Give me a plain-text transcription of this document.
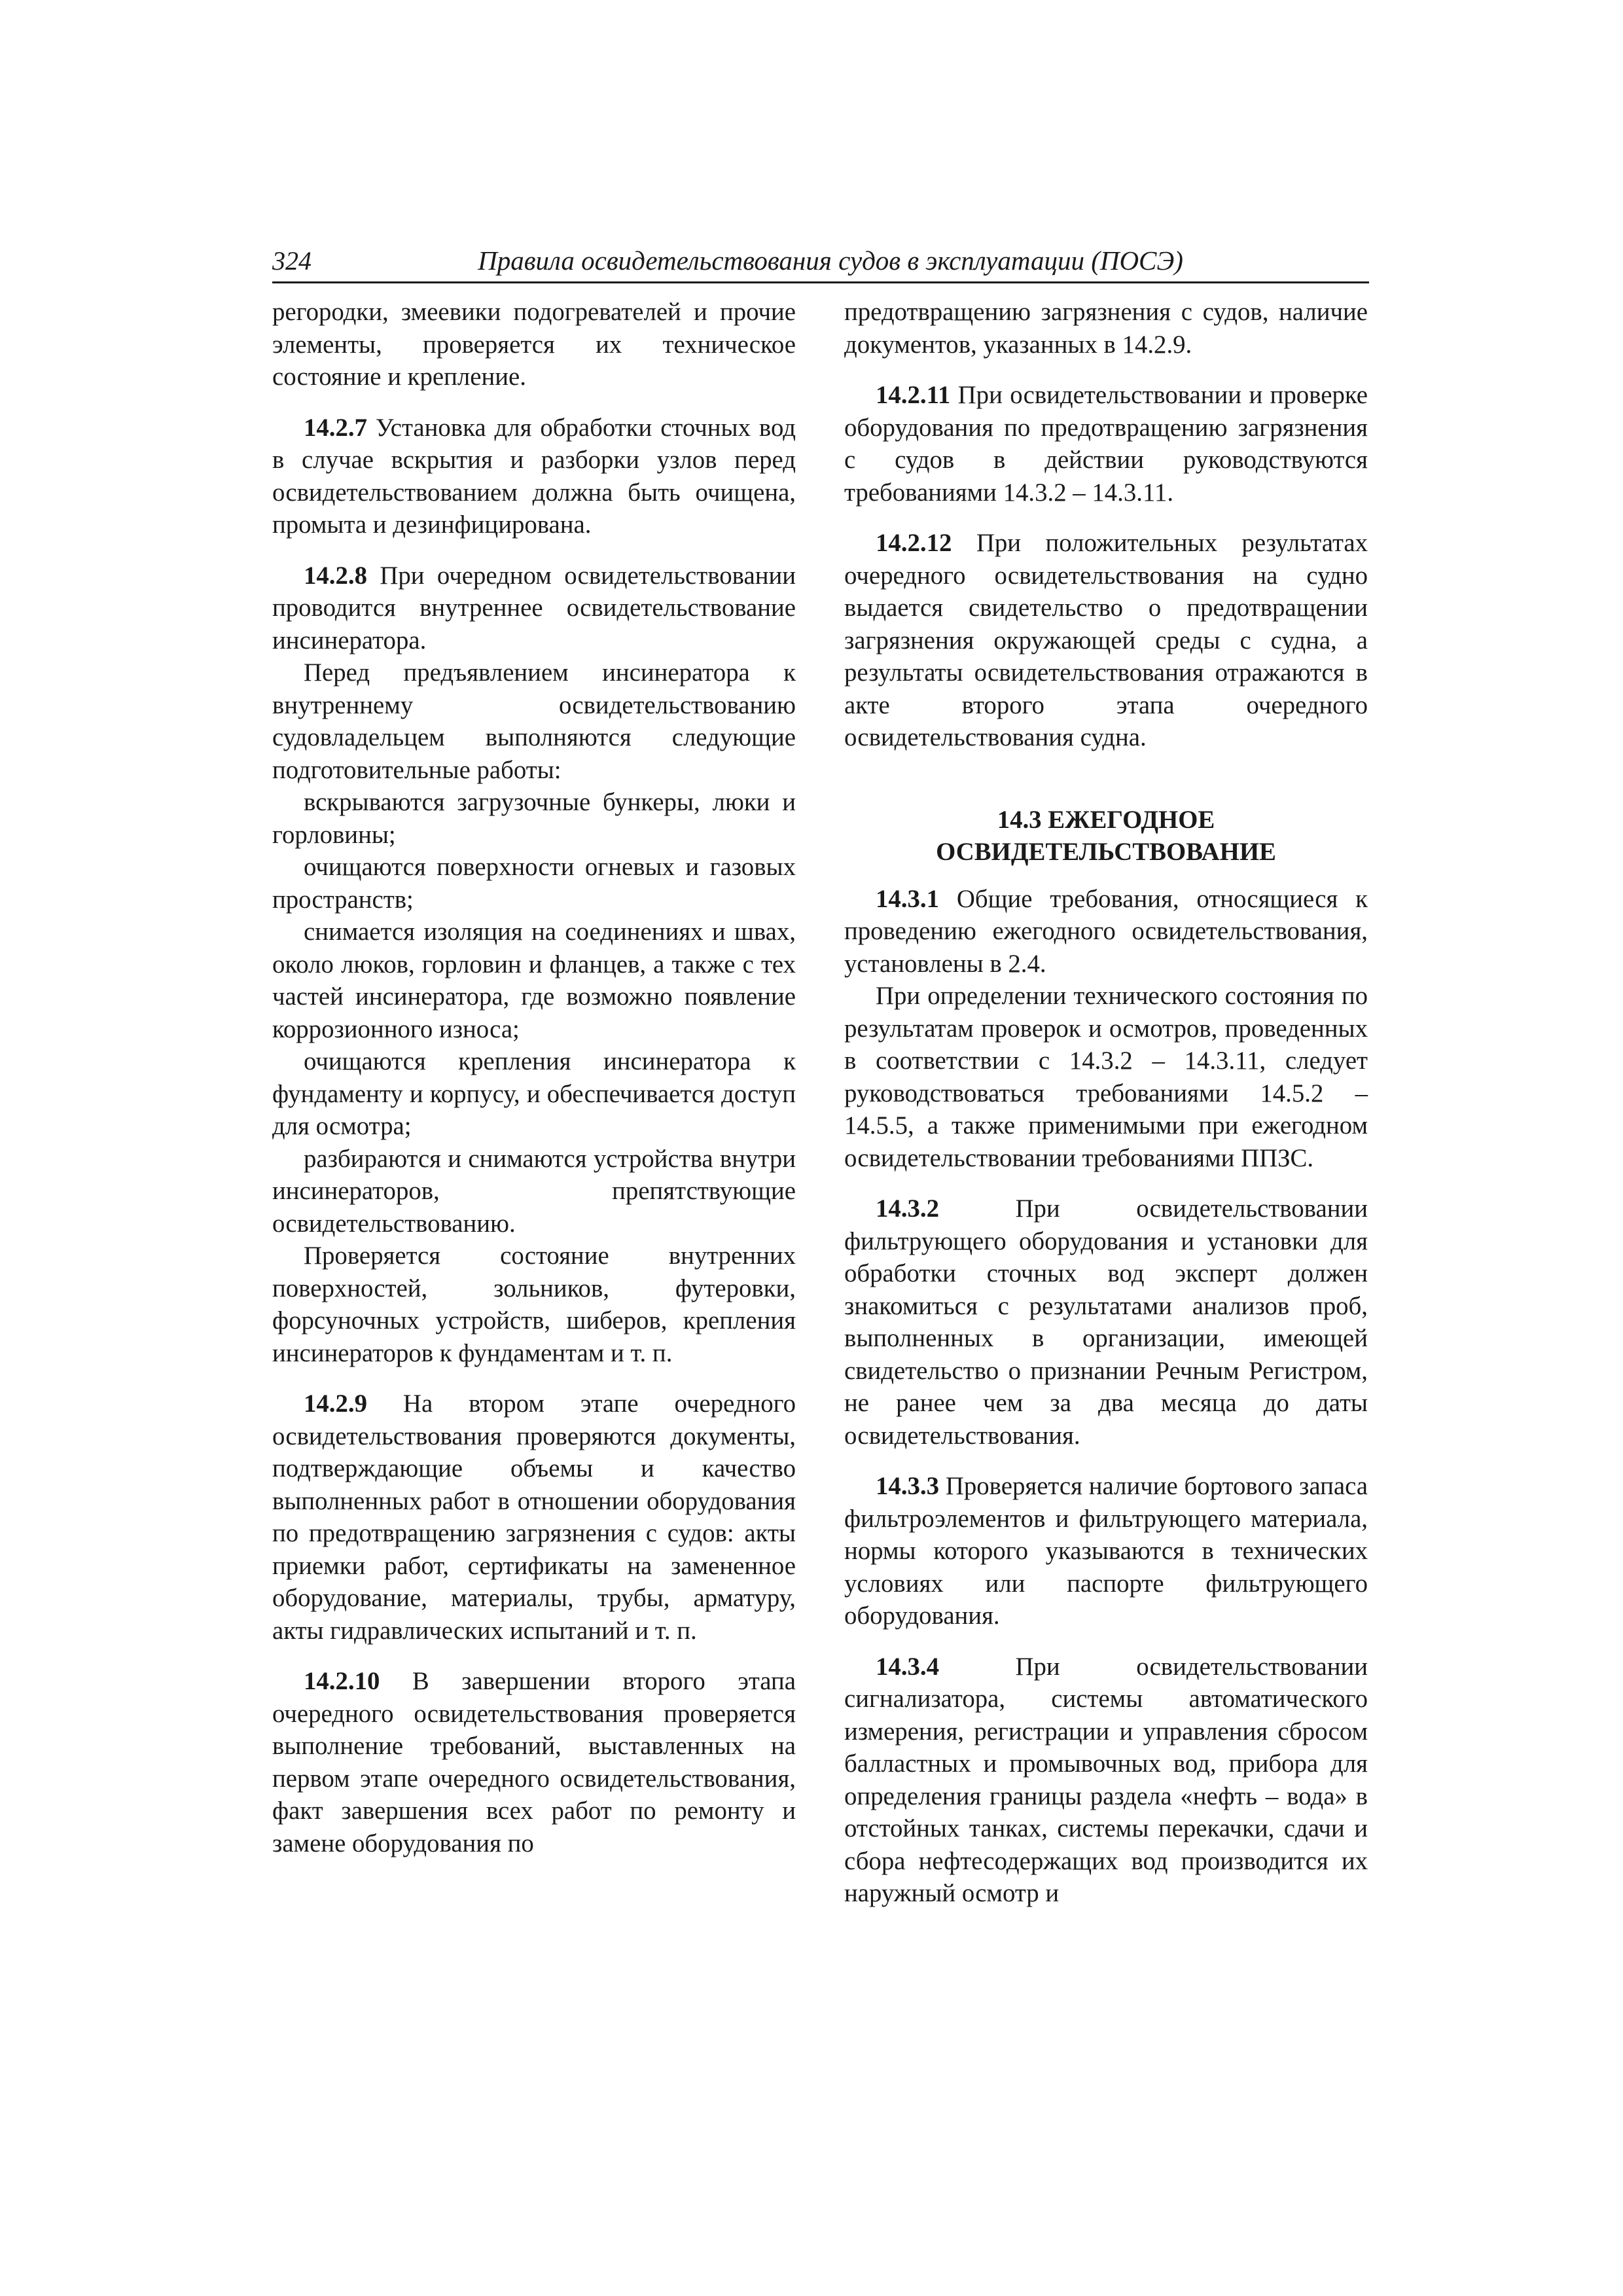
324	Правила освидетельствования судов в эксплуатации (ПОСЭ)

регородки, змеевики подогревателей и прочие элементы, проверяется их техническое состояние и крепление.

14.2.7 Установка для обработки сточных вод в случае вскрытия и разборки узлов перед освидетельствованием должна быть очищена, промыта и дезинфицирована.

14.2.8 При очередном освидетельствовании проводится внутреннее освидетельствование инсинератора.

Перед предъявлением инсинератора к внутреннему освидетельствованию судовладельцем выполняются следующие подготовительные работы:

вскрываются загрузочные бункеры, люки и горловины;

очищаются поверхности огневых и газовых пространств;

снимается изоляция на соединениях и швах, около люков, горловин и фланцев, а также с тех частей инсинератора, где возможно появление коррозионного износа;

очищаются крепления инсинератора к фундаменту и корпусу, и обеспечивается доступ для осмотра;

разбираются и снимаются устройства внутри инсинераторов, препятствующие освидетельствованию.

Проверяется состояние внутренних поверхностей, зольников, футеровки, форсуночных устройств, шиберов, крепления инсинераторов к фундаментам и т. п.

14.2.9 На втором этапе очередного освидетельствования проверяются документы, подтверждающие объемы и качество выполненных работ в отношении оборудования по предотвращению загрязнения с судов: акты приемки работ, сертификаты на замененное оборудование, материалы, трубы, арматуру, акты гидравлических испытаний и т. п.

14.2.10 В завершении второго этапа очередного освидетельствования проверяется выполнение требований, выставленных на первом этапе очередного освидетельствования, факт завершения всех работ по ремонту и замене оборудования по

предотвращению загрязнения с судов, наличие документов, указанных в 14.2.9.

14.2.11 При освидетельствовании и проверке оборудования по предотвращению загрязнения с судов в действии руководствуются требованиями 14.3.2 – 14.3.11.

14.2.12 При положительных результатах очередного освидетельствования на судно выдается свидетельство о предотвращении загрязнения окружающей среды с судна, а результаты освидетельствования отражаются в акте второго этапа очередного освидетельствования судна.

14.3 ЕЖЕГОДНОЕ
ОСВИДЕТЕЛЬСТВОВАНИЕ

14.3.1 Общие требования, относящиеся к проведению ежегодного освидетельствования, установлены в 2.4.

При определении технического состояния по результатам проверок и осмотров, проведенных в соответствии с 14.3.2 – 14.3.11, следует руководствоваться требованиями 14.5.2 – 14.5.5, а также применимыми при ежегодном освидетельствовании требованиями ППЗС.

14.3.2 При освидетельствовании фильтрующего оборудования и установки для обработки сточных вод эксперт должен знакомиться с результатами анализов проб, выполненных в организации, имеющей свидетельство о признании Речным Регистром, не ранее чем за два месяца до даты освидетельствования.

14.3.3 Проверяется наличие бортового запаса фильтроэлементов и фильтрующего материала, нормы которого указываются в технических условиях или паспорте фильтрующего оборудования.

14.3.4 При освидетельствовании сигнализатора, системы автоматического измерения, регистрации и управления сбросом балластных и промывочных вод, прибора для определения границы раздела «нефть – вода» в отстойных танках, системы перекачки, сдачи и сбора нефтесодержащих вод производится их наружный осмотр и
